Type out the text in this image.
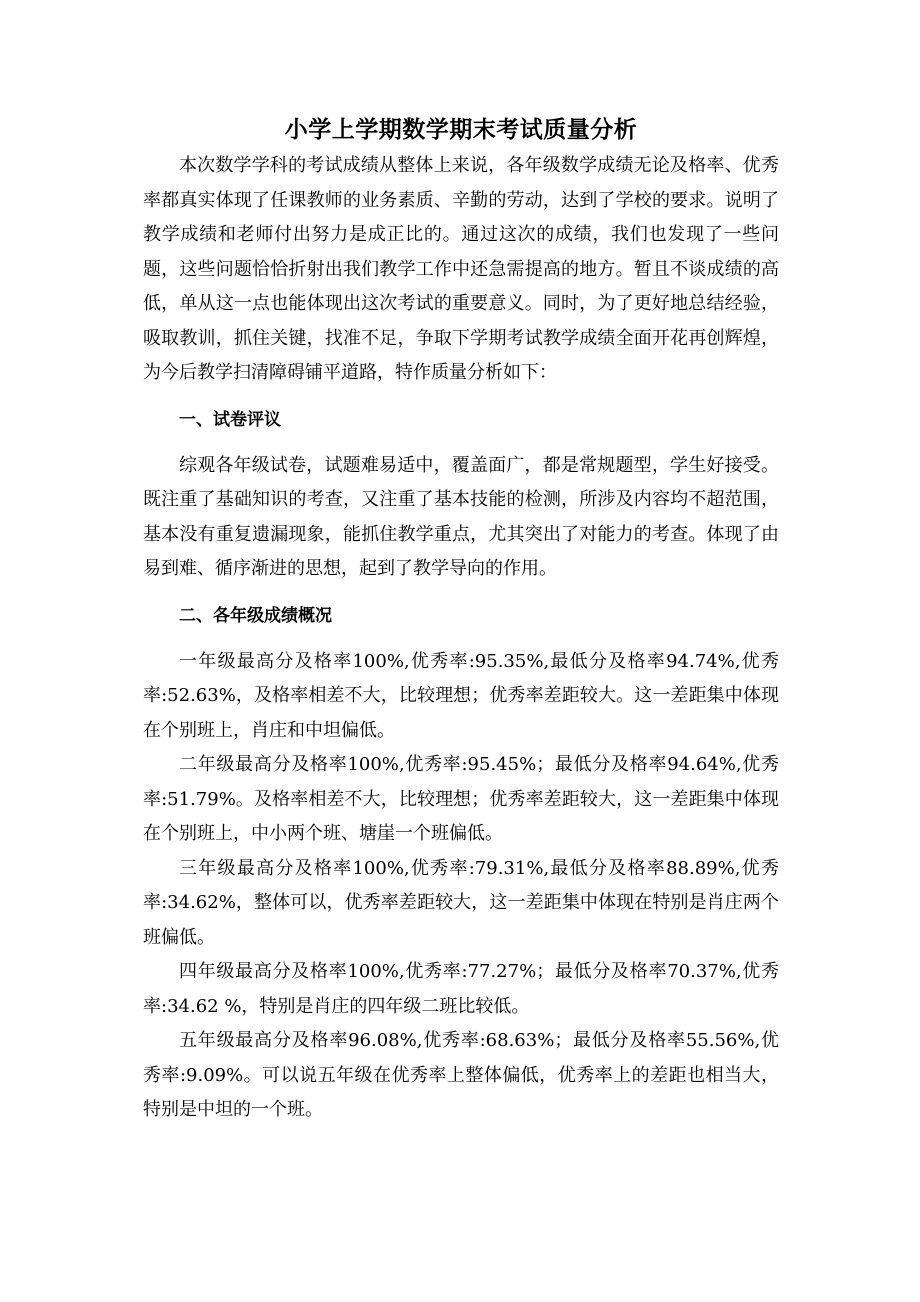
小学上学期数学期末考试质量分析

本次数学学科的考试成绩从整体上来说，各年级数学成绩无论及格率、优秀率都真实体现了任课教师的业务素质、辛勤的劳动，达到了学校的要求。说明了教学成绩和老师付出努力是成正比的。通过这次的成绩，我们也发现了一些问题，这些问题恰恰折射出我们教学工作中还急需提高的地方。暂且不谈成绩的高低，单从这一点也能体现出这次考试的重要意义。同时，为了更好地总结经验，吸取教训，抓住关键，找准不足，争取下学期考试教学成绩全面开花再创辉煌，为今后教学扫清障碍铺平道路，特作质量分析如下：

一、试卷评议

综观各年级试卷，试题难易适中，覆盖面广，都是常规题型，学生好接受。既注重了基础知识的考查，又注重了基本技能的检测，所涉及内容均不超范围，基本没有重复遗漏现象，能抓住教学重点，尤其突出了对能力的考查。体现了由易到难、循序渐进的思想，起到了教学导向的作用。

二、各年级成绩概况

一年级最高分及格率100%,优秀率:95.35%,最低分及格率94.74%,优秀率:52.63%，及格率相差不大，比较理想；优秀率差距较大。这一差距集中体现在个别班上，肖庄和中坦偏低。

二年级最高分及格率100%,优秀率:95.45%；最低分及格率94.64%,优秀率:51.79%。及格率相差不大，比较理想；优秀率差距较大，这一差距集中体现在个别班上，中小两个班、塘崖一个班偏低。

三年级最高分及格率100%,优秀率:79.31%,最低分及格率88.89%,优秀率:34.62%，整体可以，优秀率差距较大，这一差距集中体现在特别是肖庄两个班偏低。

四年级最高分及格率100%,优秀率:77.27%；最低分及格率70.37%,优秀率:34.62 %，特别是肖庄的四年级二班比较低。

五年级最高分及格率96.08%,优秀率:68.63%；最低分及格率55.56%,优秀率:9.09%。可以说五年级在优秀率上整体偏低，优秀率上的差距也相当大，特别是中坦的一个班。
